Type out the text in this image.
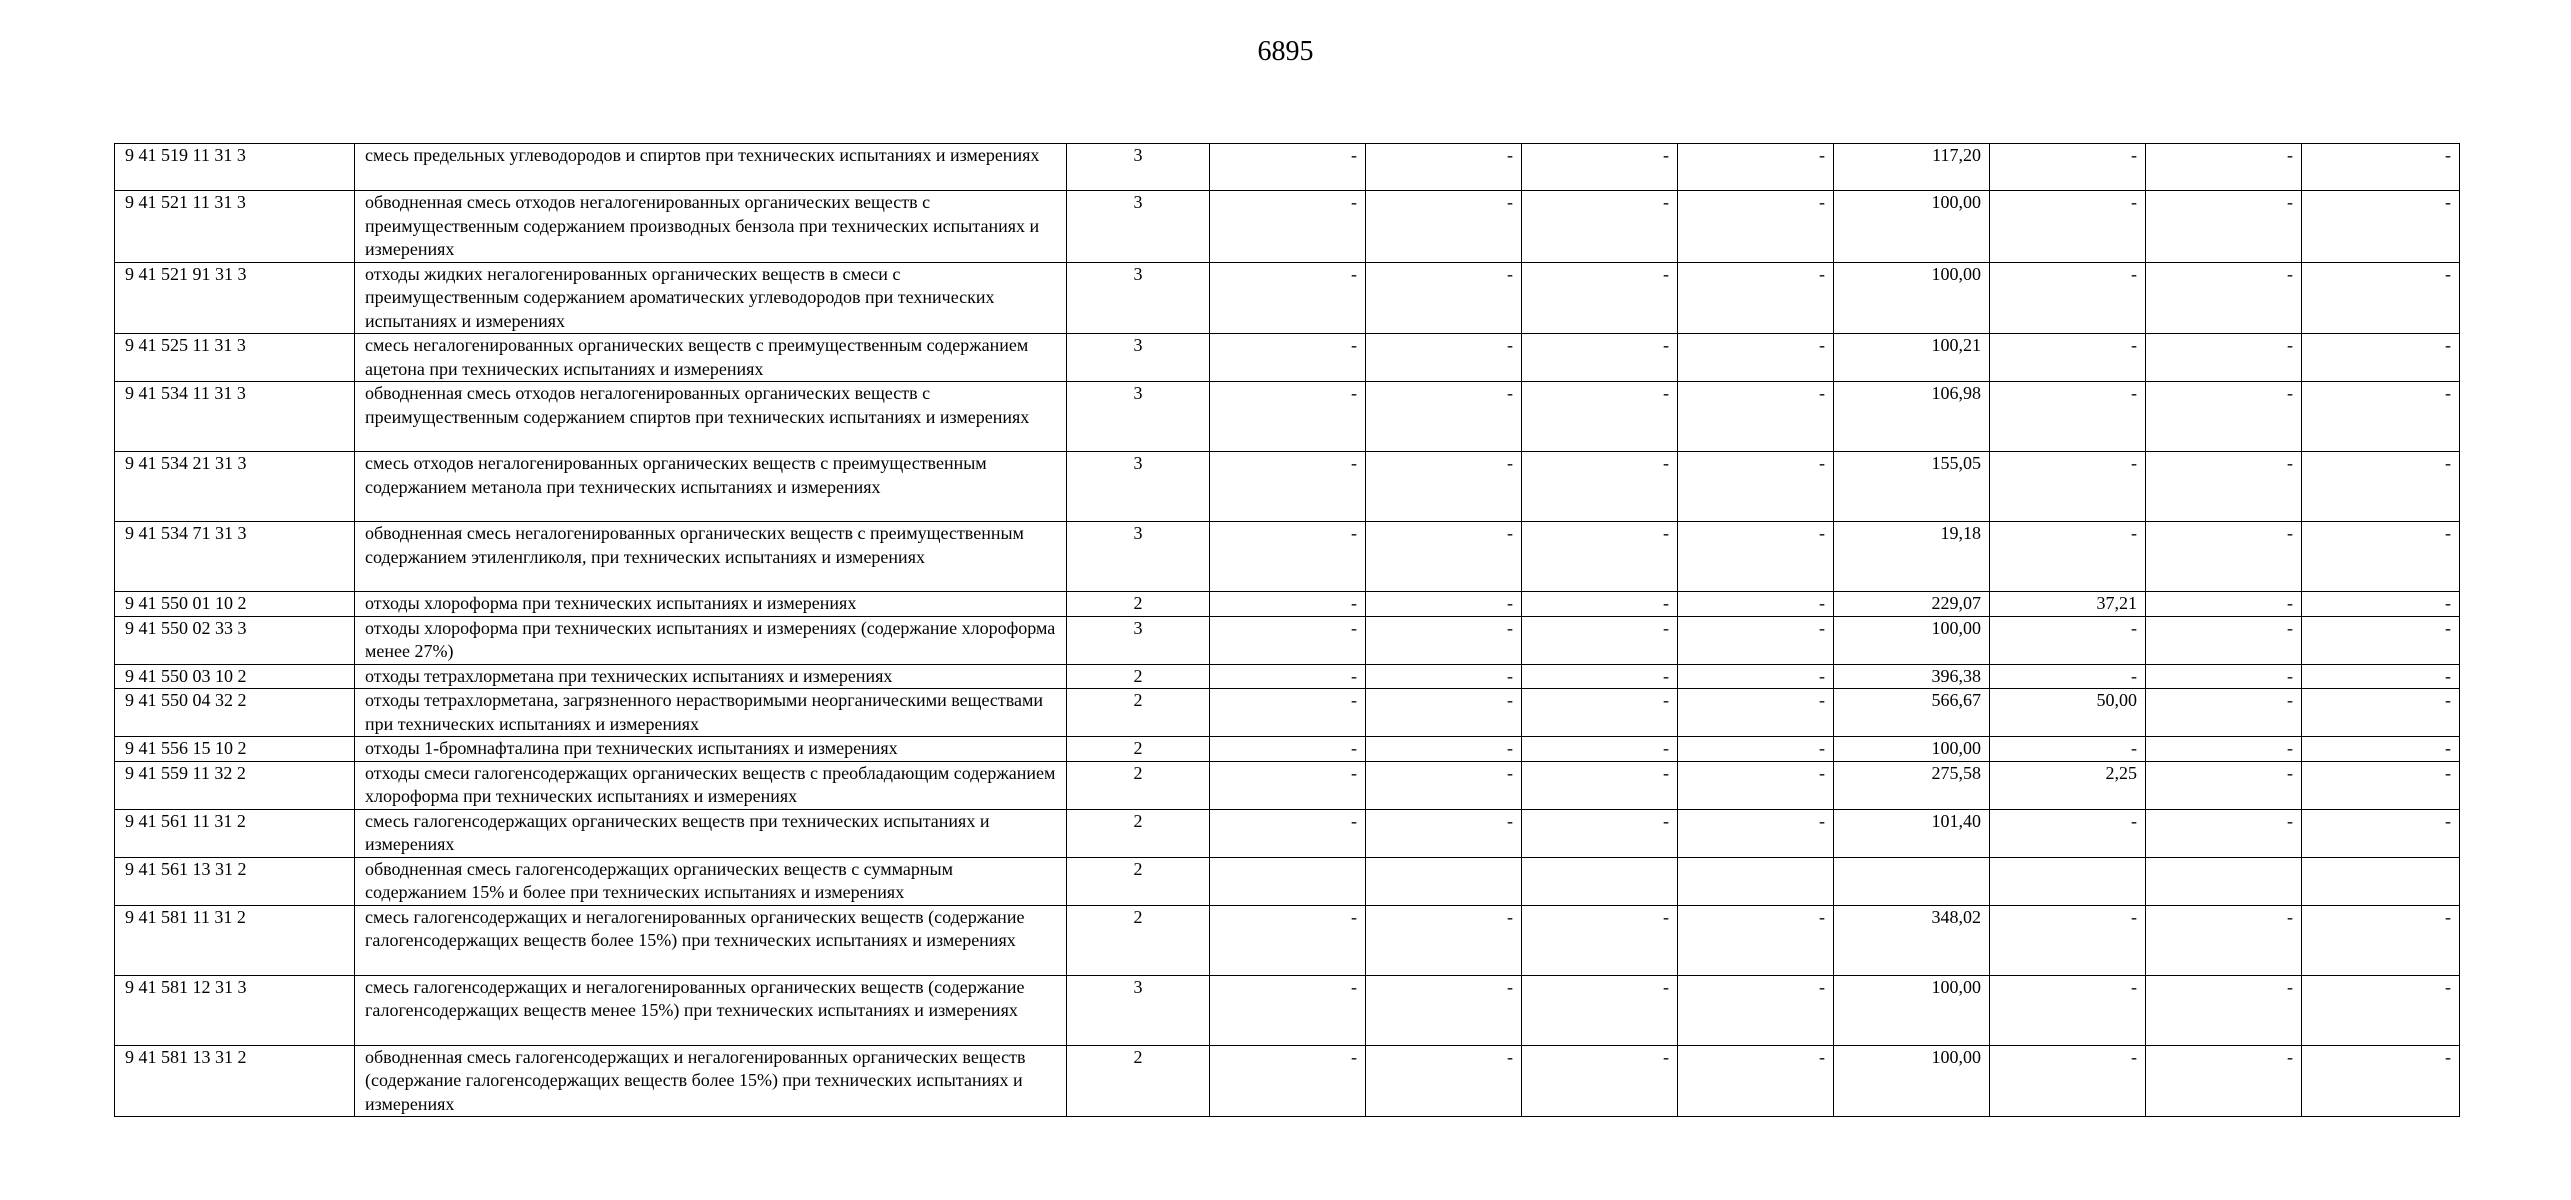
6895
9 41 519 11 31 3	смесь предельных углеводородов и спиртов при технических испытаниях и измерениях	3	-	-	-	-	117,20	-	-	-
9 41 521 11 31 3	обводненная смесь отходов негалогенированных органических веществ с преимущественным содержанием производных бензола при технических испытаниях и измерениях	3	-	-	-	-	100,00	-	-	-
9 41 521 91 31 3	отходы жидких негалогенированных органических веществ в смеси с преимущественным содержанием ароматических углеводородов при технических испытаниях и измерениях	3	-	-	-	-	100,00	-	-	-
9 41 525 11 31 3	смесь негалогенированных органических веществ с преимущественным содержанием ацетона при технических испытаниях и измерениях	3	-	-	-	-	100,21	-	-	-
9 41 534 11 31 3	обводненная смесь отходов негалогенированных органических веществ с преимущественным содержанием спиртов при технических испытаниях и измерениях	3	-	-	-	-	106,98	-	-	-
9 41 534 21 31 3	смесь отходов негалогенированных органических веществ с преимущественным содержанием метанола при технических испытаниях и измерениях	3	-	-	-	-	155,05	-	-	-
9 41 534 71 31 3	обводненная смесь негалогенированных органических веществ с преимущественным содержанием этиленгликоля, при технических испытаниях и измерениях	3	-	-	-	-	19,18	-	-	-
9 41 550 01 10 2	отходы хлороформа при технических испытаниях и измерениях	2	-	-	-	-	229,07	37,21	-	-
9 41 550 02 33 3	отходы хлороформа при технических испытаниях и измерениях (содержание хлороформа менее 27%)	3	-	-	-	-	100,00	-	-	-
9 41 550 03 10 2	отходы тетрахлорметана при технических испытаниях и измерениях	2	-	-	-	-	396,38	-	-	-
9 41 550 04 32 2	отходы тетрахлорметана, загрязненного нерастворимыми неорганическими веществами при технических испытаниях и измерениях	2	-	-	-	-	566,67	50,00	-	-
9 41 556 15 10 2	отходы 1-бромнафталина при технических испытаниях и измерениях	2	-	-	-	-	100,00	-	-	-
9 41 559 11 32 2	отходы смеси галогенсодержащих органических веществ с преобладающим содержанием хлороформа при технических испытаниях и измерениях	2	-	-	-	-	275,58	2,25	-	-
9 41 561 11 31 2	смесь галогенсодержащих органических веществ при технических испытаниях и измерениях	2	-	-	-	-	101,40	-	-	-
9 41 561 13 31 2	обводненная смесь галогенсодержащих органических веществ с суммарным содержанием 15% и более при технических испытаниях и измерениях	2								
9 41 581 11 31 2	смесь галогенсодержащих и негалогенированных органических веществ (содержание галогенсодержащих веществ более 15%) при технических испытаниях и измерениях	2	-	-	-	-	348,02	-	-	-
9 41 581 12 31 3	смесь галогенсодержащих и негалогенированных органических веществ (содержание галогенсодержащих веществ менее 15%) при технических испытаниях и измерениях	3	-	-	-	-	100,00	-	-	-
9 41 581 13 31 2	обводненная смесь галогенсодержащих и негалогенированных органических веществ (содержание галогенсодержащих веществ более 15%) при технических испытаниях и измерениях	2	-	-	-	-	100,00	-	-	-
